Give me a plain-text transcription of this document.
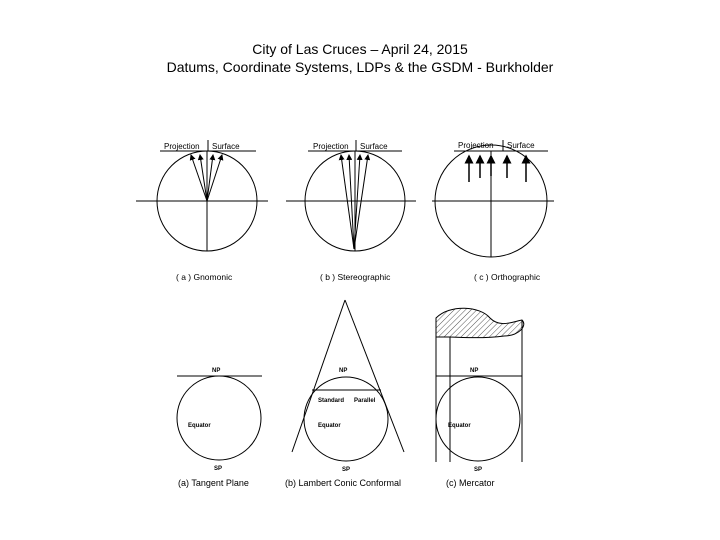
City of Las Cruces – April 24, 2015
Datums, Coordinate Systems, LDPs & the GSDM - Burkholder
Projection Surface
( a ) Gnomonic
Projection Surface
( b ) Stereographic
Projection Surface
( c ) Orthographic
NP
Equator
SP
(a) Tangent Plane
NP
Standard Parallel
Equator
SP
(b) Lambert Conic Conformal
NP
Equator
SP
(c) Mercator
